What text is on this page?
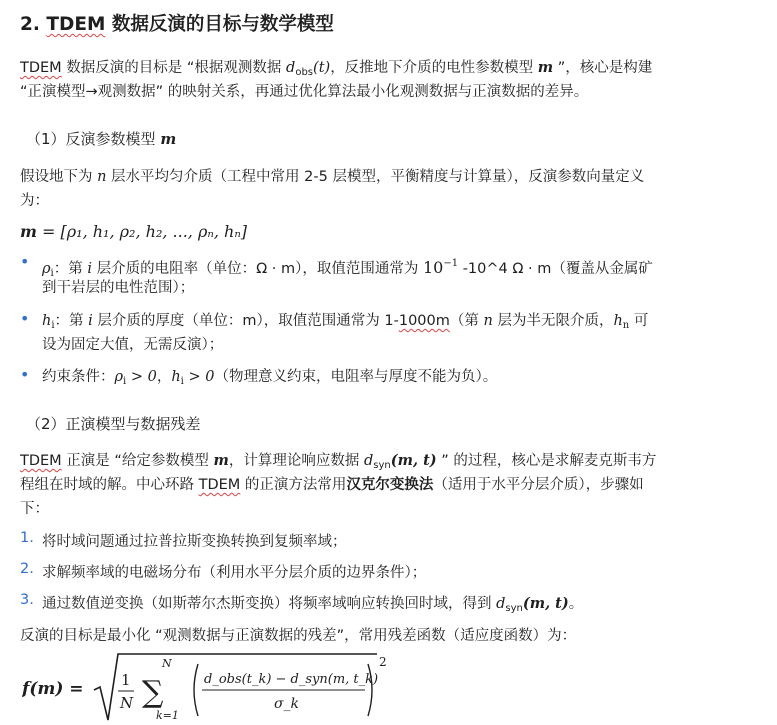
2. TDEM 数据反演的目标与数学模型
TDEM 数据反演的目标是 “根据观测数据 $d_{obs}(t)$，反推地下介质的电性参数模型 m ”，核心是构建
“正演模型→观测数据” 的映射关系，再通过优化算法最小化观测数据与正演数据的差异。
（1）反演参数模型 m
假设地下为 n 层水平均匀介质（工程中常用 2-5 层模型，平衡精度与计算量），反演参数向量定义
为：
m = [ρ₁, h₁, ρ₂, h₂, ..., ρₙ, hₙ]
• $\rho_i$：第 i 层介质的电阻率（单位：Ω · m），取值范围通常为 $10^{-1}$ -10^4 Ω · m（覆盖从金属矿
到干岩层的电性范围）；
• $h_i$：第 i 层介质的厚度（单位：m），取值范围通常为 1-1000m（第 n 层为半无限介质，$h_n$ 可
设为固定大值，无需反演）；
• 约束条件：$\rho_i > 0$，$h_i > 0$（物理意义约束，电阻率与厚度不能为负）。
（2）正演模型与数据残差
TDEM 正演是 “给定参数模型 m，计算理论响应数据 $d_{syn}(m$, t) ” 的过程，核心是求解麦克斯韦方
程组在时域的解。中心环路 TDEM 的正演方法常用汉克尔变换法（适用于水平分层介质），步骤如
下：
1. 将时域问题通过拉普拉斯变换转换到复频率域；
2. 求解频率域的电磁场分布（利用水平分层介质的边界条件）；
3. 通过数值逆变换（如斯蒂尔杰斯变换）将频率域响应转换回时域，得到 $d_{syn}(m$, t)。
反演的目标是最小化 “观测数据与正演数据的残差”，常用残差函数（适应度函数）为：
f(m) = 1
N
N
∑
k=1
d_obs(t_k) − d_syn(m, t_k)
σ_k
2
